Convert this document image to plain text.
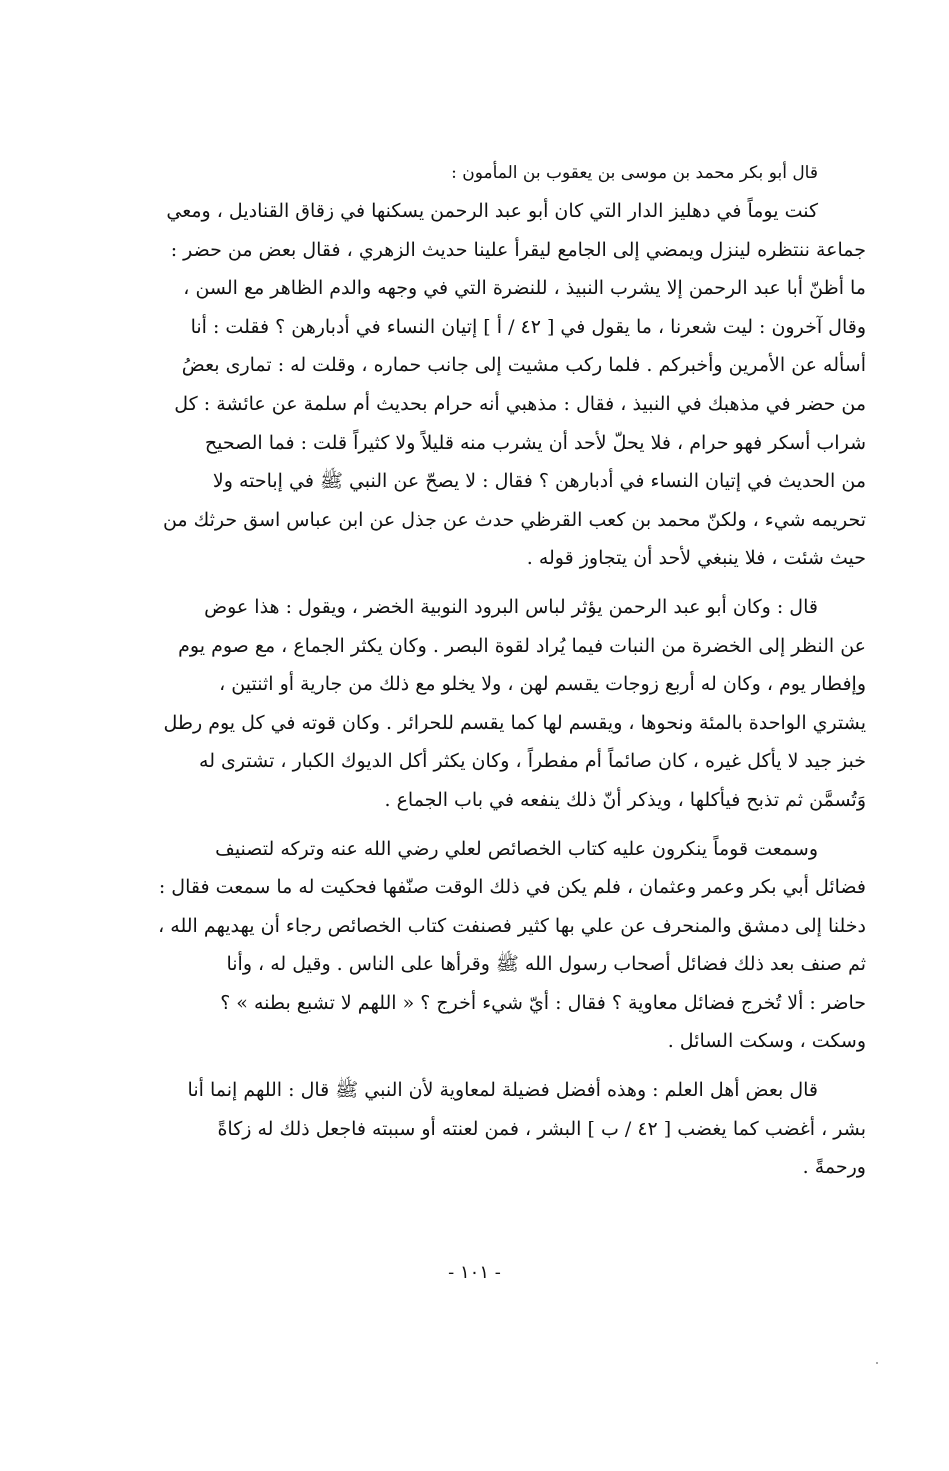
قال أبو بكر محمد بن موسى بن يعقوب بن المأمون :

كنت يوماً في دهليز الدار التي كان أبو عبد الرحمن يسكنها في زقاق القناديل ، ومعي
جماعة ننتظره لينزل ويمضي إلى الجامع ليقرأ علينا حديث الزهري ، فقال بعض من حضر :
ما أظنّ أبا عبد الرحمن إلا يشرب النبيذ ، للنضرة التي في وجهه والدم الظاهر مع السن ،
وقال آخرون : ليت شعرنا ، ما يقول في [ ٤٢ / أ ] إتيان النساء في أدبارهن ؟ فقلت : أنا
أسأله عن الأمرين وأخبركم . فلما ركب مشيت إلى جانب حماره ، وقلت له : تمارى بعضُ
من حضر في مذهبك في النبيذ ، فقال : مذهبي أنه حرام بحديث أم سلمة عن عائشة : كل
شراب أسكر فهو حرام ، فلا يحلّ لأحد أن يشرب منه قليلاً ولا كثيراً قلت : فما الصحيح
من الحديث في إتيان النساء في أدبارهن ؟ فقال : لا يصحّ عن النبي ﷺ في إباحته ولا
تحريمه شيء ، ولكنّ محمد بن كعب القرظي حدث عن جذل عن ابن عباس اسق حرثك من
حيث شئت ، فلا ينبغي لأحد أن يتجاوز قوله .
قال : وكان أبو عبد الرحمن يؤثر لباس البرود النوبية الخضر ، ويقول : هذا عوض
عن النظر إلى الخضرة من النبات فيما يُراد لقوة البصر . وكان يكثر الجماع ، مع صوم يوم
وإفطار يوم ، وكان له أربع زوجات يقسم لهن ، ولا يخلو مع ذلك من جارية أو اثنتين ،
يشتري الواحدة بالمئة ونحوها ، ويقسم لها كما يقسم للحرائر . وكان قوته في كل يوم رطل
خبز جيد لا يأكل غيره ، كان صائماً أم مفطراً ، وكان يكثر أكل الديوك الكبار ، تشترى له
وَتُسمَّن ثم تذبح فيأكلها ، ويذكر أنّ ذلك ينفعه في باب الجماع .
وسمعت قوماً ينكرون عليه كتاب الخصائص لعلي رضي الله عنه وتركه لتصنيف
فضائل أبي بكر وعمر وعثمان ، فلم يكن في ذلك الوقت صنّفها فحكيت له ما سمعت فقال :
دخلنا إلى دمشق والمنحرف عن علي بها كثير فصنفت كتاب الخصائص رجاء أن يهديهم الله ،
ثم صنف بعد ذلك فضائل أصحاب رسول الله ﷺ وقرأها على الناس . وقيل له ، وأنا
حاضر : ألا تُخرج فضائل معاوية ؟ فقال : أيّ شيء أخرج ؟ « اللهم لا تشبع بطنه » ؟
وسكت ، وسكت السائل .
قال بعض أهل العلم : وهذه أفضل فضيلة لمعاوية لأن النبي ﷺ قال : اللهم إنما أنا
بشر ، أغضب كما يغضب [ ٤٢ / ب ] البشر ، فمن لعنته أو سببته فاجعل ذلك له زكاةً
ورحمةً .
- ١٠١ -
